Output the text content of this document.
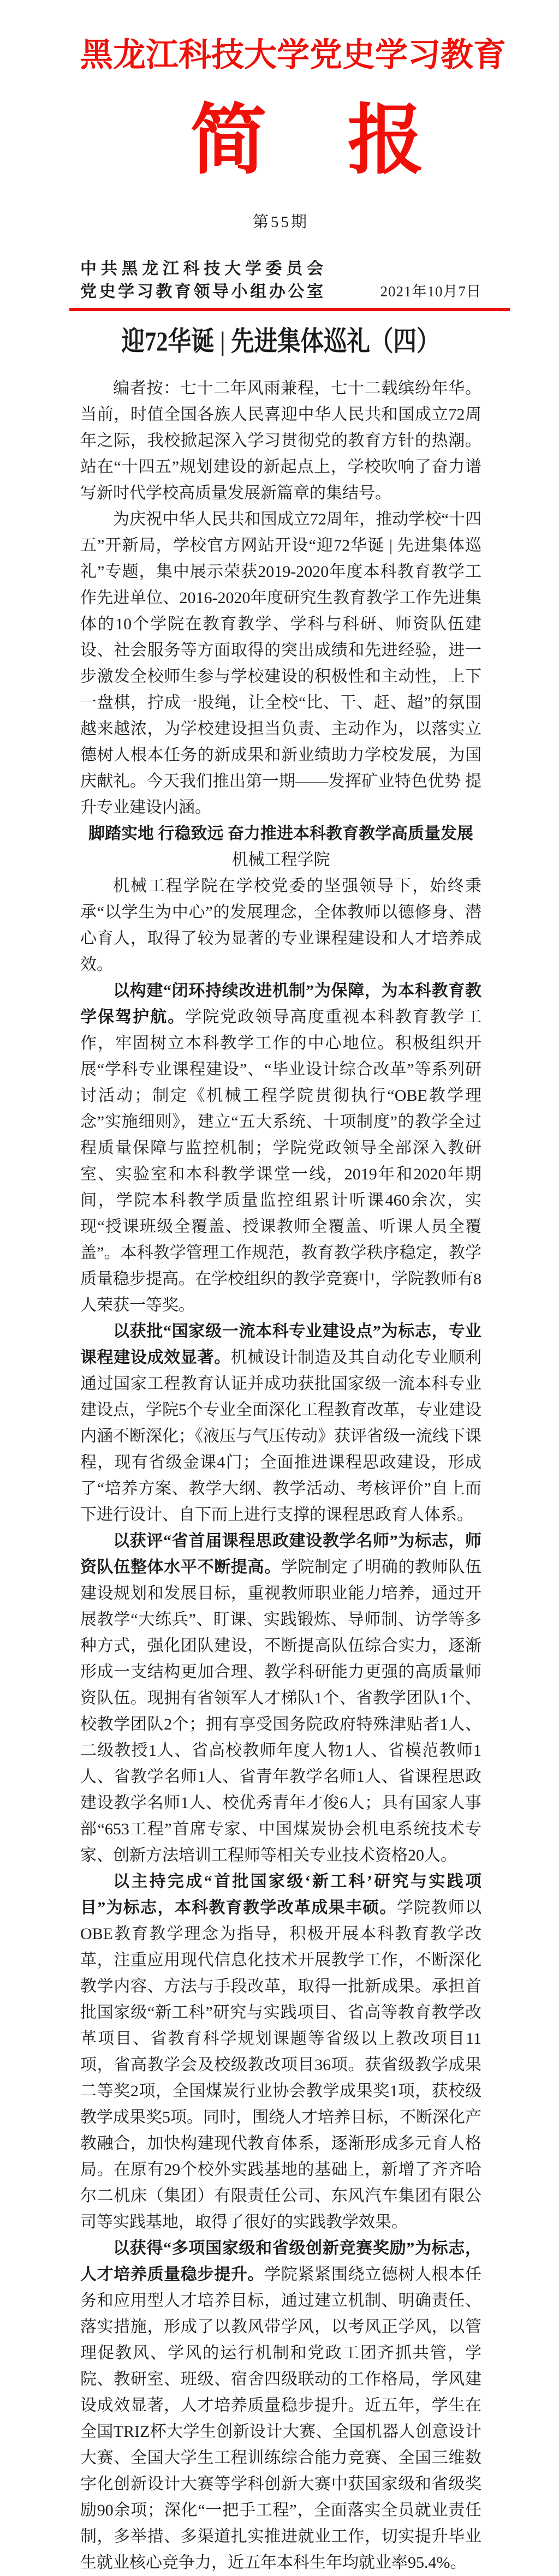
黑龙江科技大学党史学习教育
简 报
第55期
中共黑龙江科技大学委员会
党史学习教育领导小组办公室	2021年10月7日
迎72华诞 | 先进集体巡礼（四）

编者按：七十二年风雨兼程，七十二载缤纷年华。当前，时值全国各族人民喜迎中华人民共和国成立72周年之际，我校掀起深入学习贯彻党的教育方针的热潮。站在“十四五”规划建设的新起点上，学校吹响了奋力谱写新时代学校高质量发展新篇章的集结号。

为庆祝中华人民共和国成立72周年，推动学校“十四五”开新局，学校官方网站开设“迎72华诞 | 先进集体巡礼”专题，集中展示荣获2019-2020年度本科教育教学工作先进单位、2016-2020年度研究生教育教学工作先进集体的10个学院在教育教学、学科与科研、师资队伍建设、社会服务等方面取得的突出成绩和先进经验，进一步激发全校师生参与学校建设的积极性和主动性，上下一盘棋，拧成一股绳，让全校“比、干、赶、超”的氛围越来越浓，为学校建设担当负责、主动作为，以落实立德树人根本任务的新成果和新业绩助力学校发展，为国庆献礼。今天我们推出第一期——发挥矿业特色优势 提升专业建设内涵。

脚踏实地 行稳致远 奋力推进本科教育教学高质量发展
机械工程学院

机械工程学院在学校党委的坚强领导下，始终秉承“以学生为中心”的发展理念，全体教师以德修身、潜心育人，取得了较为显著的专业课程建设和人才培养成效。

以构建“闭环持续改进机制”为保障，为本科教育教学保驾护航。学院党政领导高度重视本科教育教学工作，牢固树立本科教学工作的中心地位。积极组织开展“学科专业课程建设”、“毕业设计综合改革”等系列研讨活动；制定《机械工程学院贯彻执行“OBE教学理念”实施细则》，建立“五大系统、十项制度”的教学全过程质量保障与监控机制；学院党政领导全部深入教研室、实验室和本科教学课堂一线，2019年和2020年期间，学院本科教学质量监控组累计听课460余次，实现“授课班级全覆盖、授课教师全覆盖、听课人员全覆盖”。本科教学管理工作规范，教育教学秩序稳定，教学质量稳步提高。在学校组织的教学竞赛中，学院教师有8人荣获一等奖。

以获批“国家级一流本科专业建设点”为标志，专业课程建设成效显著。机械设计制造及其自动化专业顺利通过国家工程教育认证并成功获批国家级一流本科专业建设点，学院5个专业全面深化工程教育改革，专业建设内涵不断深化；《液压与气压传动》获评省级一流线下课程，现有省级金课4门；全面推进课程思政建设，形成了“培养方案、教学大纲、教学活动、考核评价”自上而下进行设计、自下而上进行支撑的课程思政育人体系。

以获评“省首届课程思政建设教学名师”为标志，师资队伍整体水平不断提高。学院制定了明确的教师队伍建设规划和发展目标，重视教师职业能力培养，通过开展教学“大练兵”、盯课、实践锻炼、导师制、访学等多种方式，强化团队建设，不断提高队伍综合实力，逐渐形成一支结构更加合理、教学科研能力更强的高质量师资队伍。现拥有省领军人才梯队1个、省教学团队1个、校教学团队2个；拥有享受国务院政府特殊津贴者1人、二级教授1人、省高校教师年度人物1人、省模范教师1人、省教学名师1人、省青年教学名师1人、省课程思政建设教学名师1人、校优秀青年才俊6人；具有国家人事部“653工程”首席专家、中国煤炭协会机电系统技术专家、创新方法培训工程师等相关专业技术资格20人。

以主持完成“首批国家级‘新工科’研究与实践项目”为标志，本科教育教学改革成果丰硕。学院教师以OBE教育教学理念为指导，积极开展本科教育教学改革，注重应用现代信息化技术开展教学工作，不断深化教学内容、方法与手段改革，取得一批新成果。承担首批国家级“新工科”研究与实践项目、省高等教育教学改革项目、省教育科学规划课题等省级以上教改项目11项，省高教学会及校级教改项目36项。获省级教学成果二等奖2项，全国煤炭行业协会教学成果奖1项，获校级教学成果奖5项。同时，围绕人才培养目标，不断深化产教融合，加快构建现代教育体系，逐渐形成多元育人格局。在原有29个校外实践基地的基础上，新增了齐齐哈尔二机床（集团）有限责任公司、东风汽车集团有限公司等实践基地，取得了很好的实践教学效果。

以获得“多项国家级和省级创新竞赛奖励”为标志，人才培养质量稳步提升。学院紧紧围绕立德树人根本任务和应用型人才培养目标，通过建立机制、明确责任、落实措施，形成了以教风带学风，以考风正学风，以管理促教风、学风的运行机制和党政工团齐抓共管，学院、教研室、班级、宿舍四级联动的工作格局，学风建设成效显著，人才培养质量稳步提升。近五年，学生在全国TRIZ杯大学生创新设计大赛、全国机器人创意设计大赛、全国大学生工程训练综合能力竞赛、全国三维数字化创新设计大赛等学科创新大赛中获国家级和省级奖励90余项；深化“一把手工程”，全面落实全员就业责任制，多举措、多渠道扎实推进就业工作，切实提升毕业生就业核心竞争力，近五年本科生年均就业率95.4%。
